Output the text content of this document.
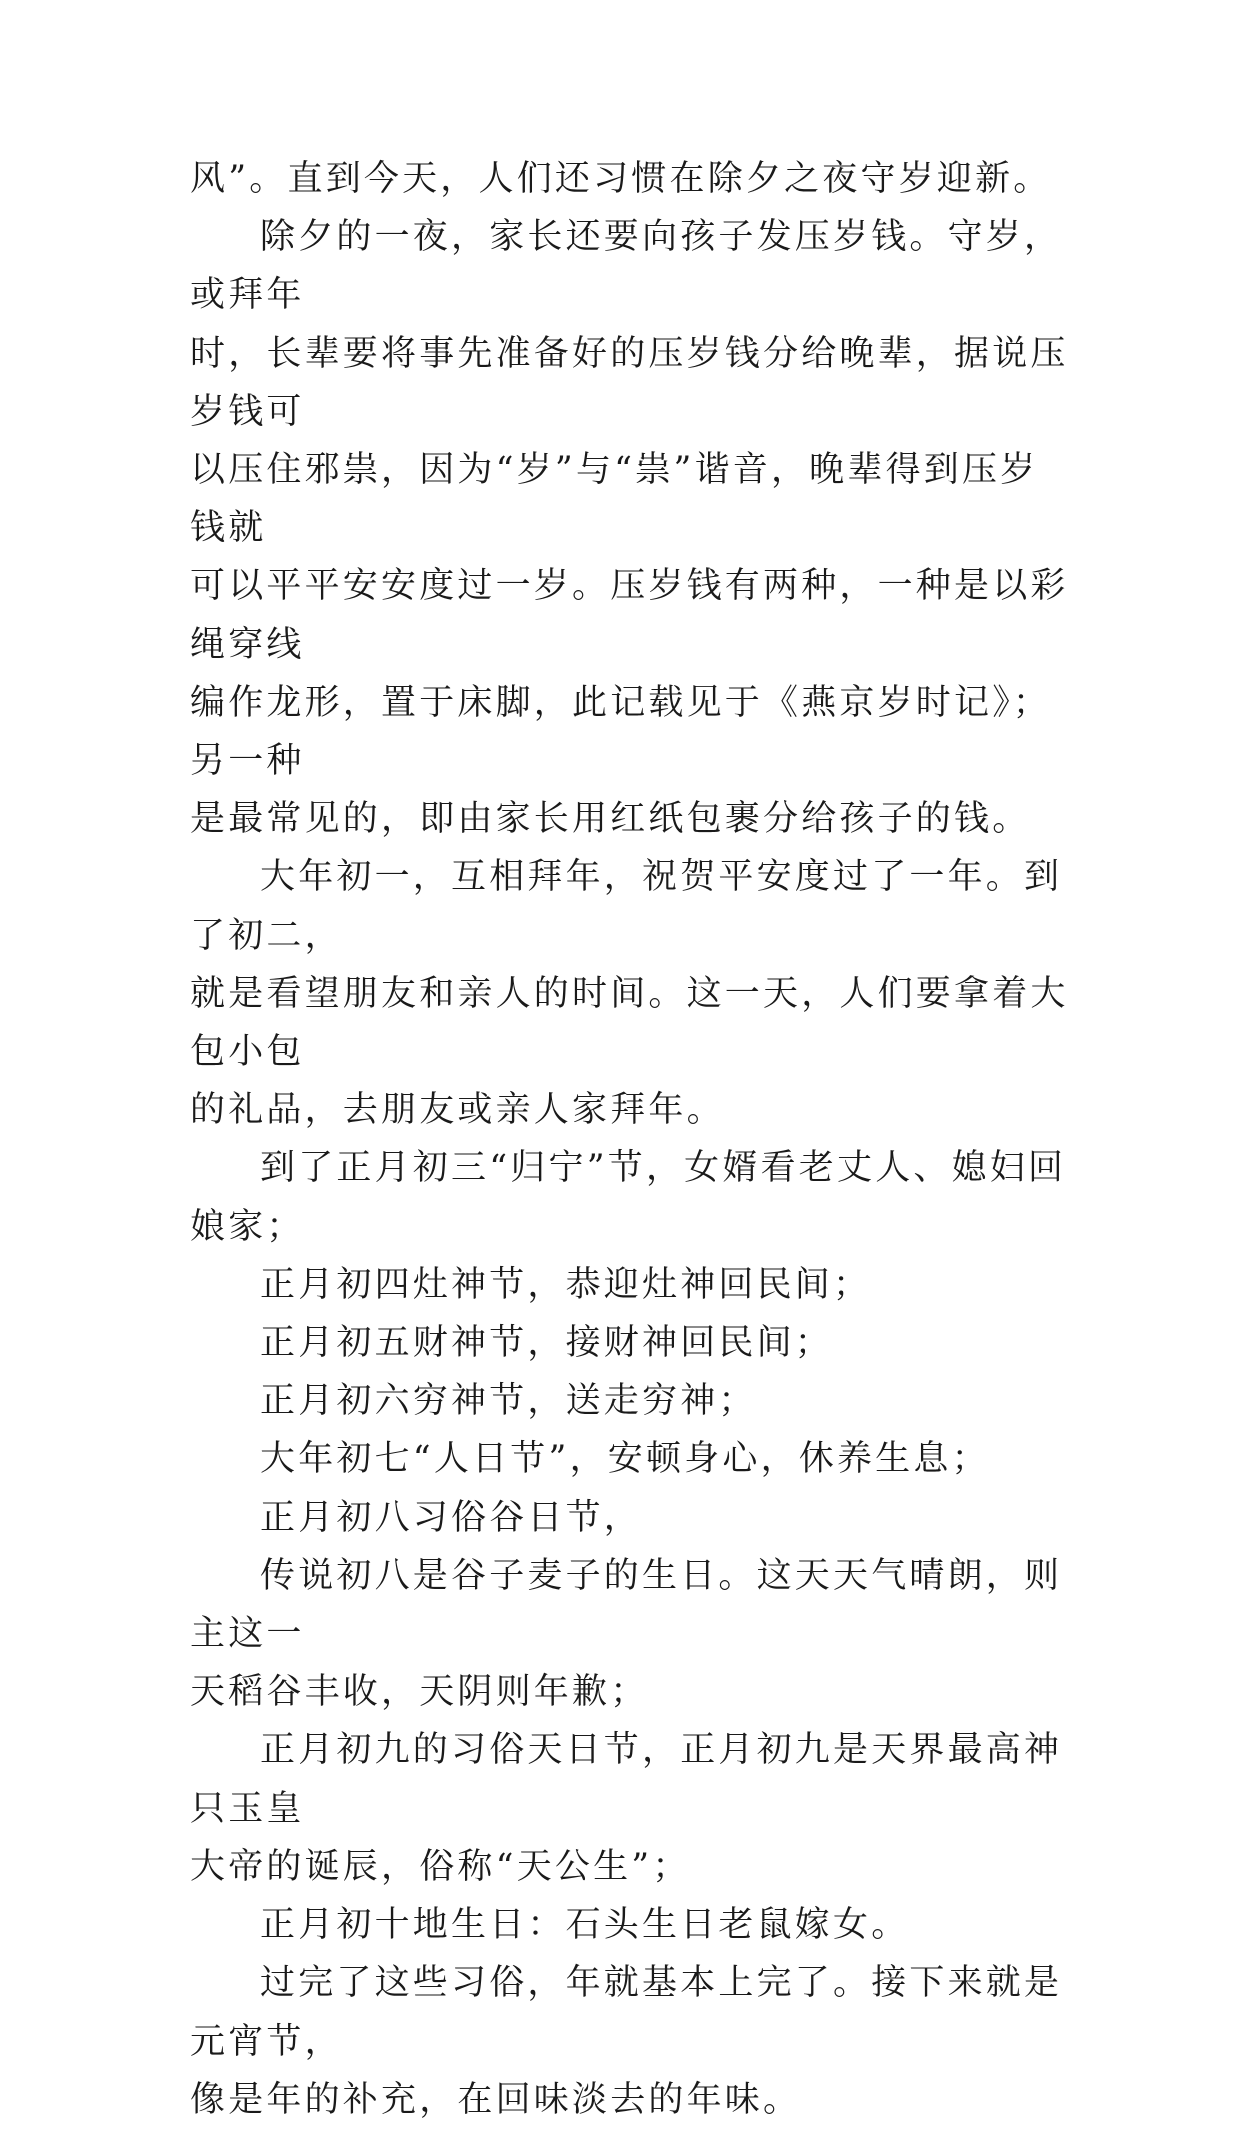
风”。直到今天，人们还习惯在除夕之夜守岁迎新。

除夕的一夜，家长还要向孩子发压岁钱。守岁，或拜年

时，长辈要将事先准备好的压岁钱分给晚辈，据说压岁钱可

以压住邪祟，因为“岁”与“祟”谐音，晚辈得到压岁钱就

可以平平安安度过一岁。压岁钱有两种，一种是以彩绳穿线

编作龙形，置于床脚，此记载见于《燕京岁时记》；另一种

是最常见的，即由家长用红纸包裹分给孩子的钱。

大年初一，互相拜年，祝贺平安度过了一年。到了初二，

就是看望朋友和亲人的时间。这一天，人们要拿着大包小包

的礼品，去朋友或亲人家拜年。

到了正月初三“归宁”节，女婿看老丈人、媳妇回娘家；

正月初四灶神节，恭迎灶神回民间；

正月初五财神节，接财神回民间；

正月初六穷神节，送走穷神；

大年初七“人日节”，安顿身心，休养生息；

正月初八习俗谷日节，

传说初八是谷子麦子的生日。这天天气晴朗，则主这一

天稻谷丰收，天阴则年歉；

正月初九的习俗天日节，正月初九是天界最高神只玉皇

大帝的诞辰，俗称“天公生”；

正月初十地生日：石头生日老鼠嫁女。

过完了这些习俗，年就基本上完了。接下来就是元宵节，

像是年的补充，在回味淡去的年味。
